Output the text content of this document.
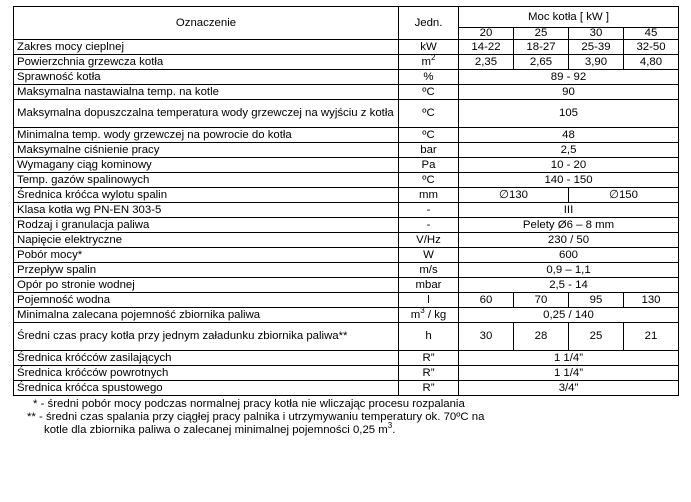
Oznaczenie	Jedn.	Moc kotła [ kW ]			
		20	25	30	45
Zakres mocy cieplnej	kW	14-22	18-27	25-39	32-50
Powierzchnia grzewcza kotła	$m^2$	2,35	2,65	3,90	4,80
Sprawność kotła	%	89 - 92			
Maksymalna nastawialna temp. na kotle	ºC	90			
Maksymalna dopuszczalna temperatura wody grzewczej na wyjściu z kotła	ºC	105			
Minimalna temp. wody grzewczej na powrocie do kotła	ºC	48			
Maksymalne ciśnienie pracy	bar	2,5			
Wymagany ciąg kominowy	Pa	10 - 20			
Temp. gazów spalinowych	ºC	140 - 150			
Średnica króćca wylotu spalin	mm	∅130		∅150	
Klasa kotła wg PN-EN 303-5	-	III			
Rodzaj i granulacja paliwa	-	Pelety Ø6 – 8 mm			
Napięcie elektryczne	V/Hz	230 / 50			
Pobór mocy*	W	600			
Przepływ spalin	m/s	0,9 – 1,1			
Opór po stronie wodnej	mbar	2,5 - 14			
Pojemność wodna	l	60	70	95	130
Minimalna zalecana pojemność zbiornika paliwa	$m^3$ / kg	0,25 / 140			
Średni czas pracy kotła przy jednym załadunku zbiornika paliwa**	h	30	28	25	21
Średnica króćców zasilających	R”	1 1/4”			
Średnica króćców powrotnych	R”	1 1/4”			
Średnica króćca spustowego	R”	3/4”			
* - średni pobór mocy podczas normalnej pracy kotła nie wliczając procesu rozpalania
** - średni czas spalania przy ciągłej pracy palnika i utrzymywaniu temperatury ok. 70ºC na
kotle dla zbiornika paliwa o zalecanej minimalnej pojemności 0,25 $m^3$.
